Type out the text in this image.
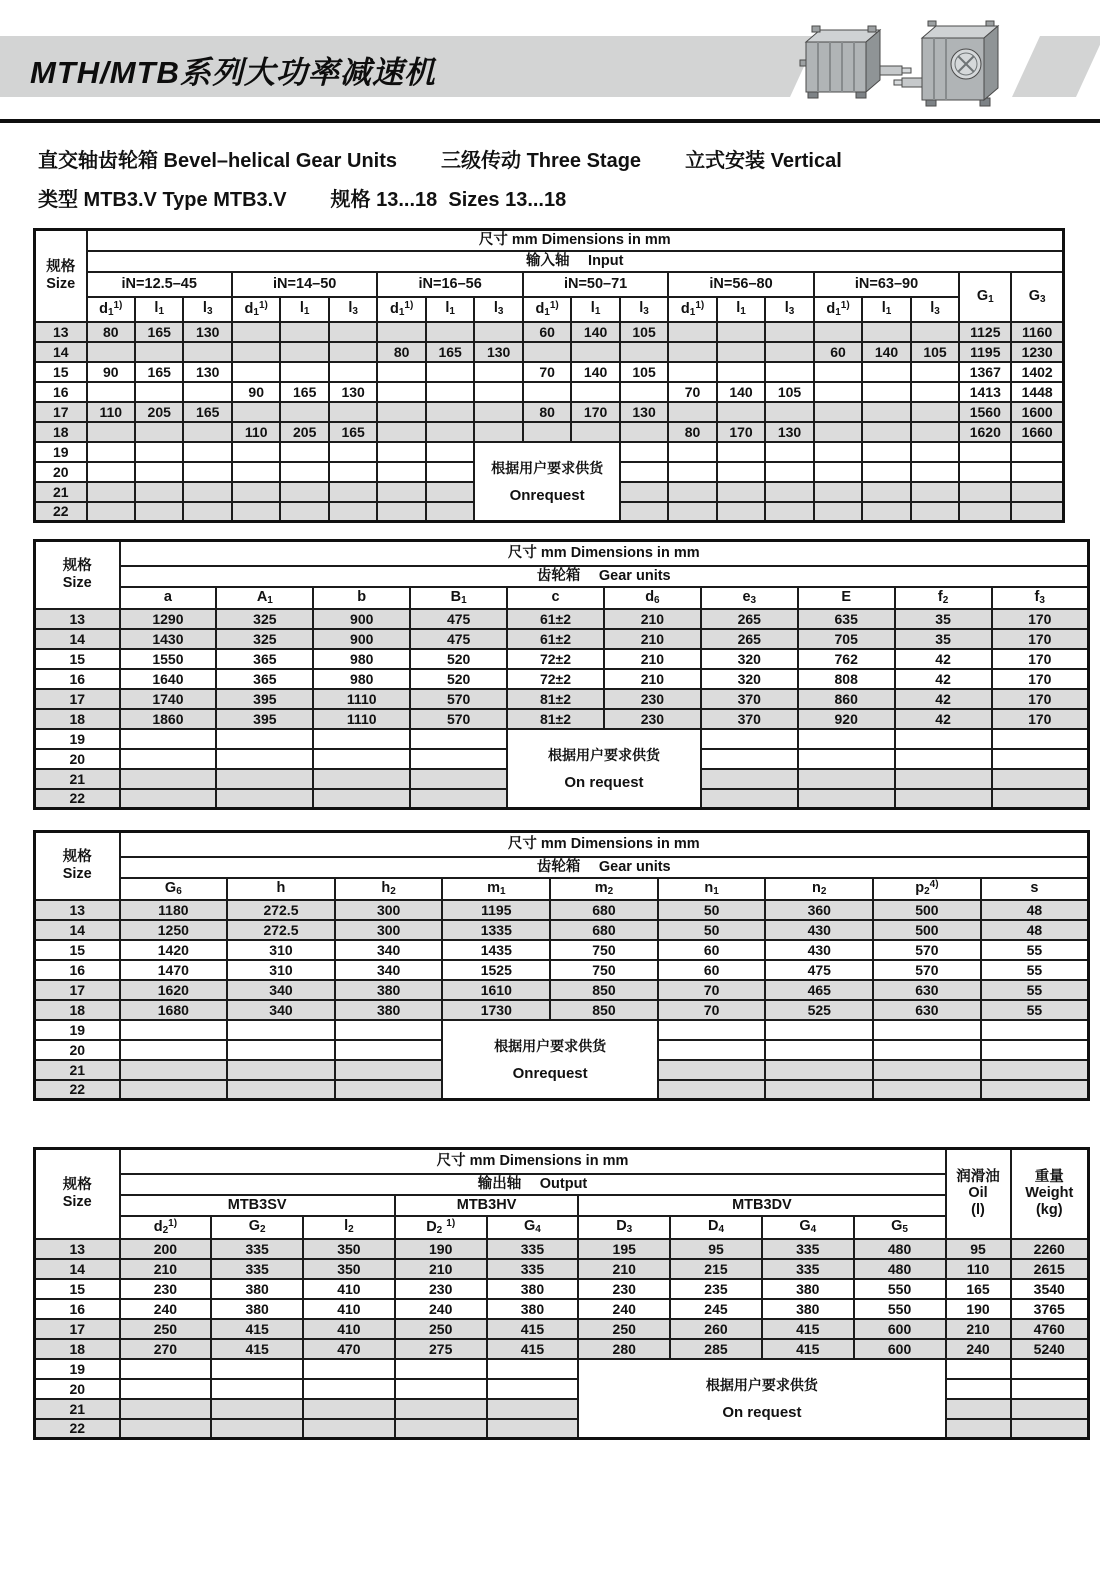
MTH/MTB系列大功率减速机
直交轴齿轮箱 Bevel–helical Gear Units 三级传动 Three Stage 立式安装 Vertical
类型 MTB3.V Type MTB3.V 规格 13...18  Sizes 13...18
规格
Size	尺寸 mm Dimensions in mm																			
	输入轴　 Input																			
	iN=12.5–45			iN=14–50			iN=16–56			iN=50–71			iN=56–80			iN=63–90			$G_1$	$G_3$
	$d_1^{1)}$	$l_1$	$l_3$	$d_1^{1)}$	$l_1$	$l_3$	$d_1^{1)}$	$l_1$	$l_3$	$d_1^{1)}$	$l_1$	$l_3$	$d_1^{1)}$	$l_1$	$l_3$	$d_1^{1)}$	$l_1$	$l_3$
13	80	165	130							60	140	105							1125	1160
14							80	165	130							60	140	105	1195	1230
15	90	165	130							70	140	105							1367	1402
16				90	165	130							70	140	105				1413	1448
17	110	205	165							80	170	130							1560	1600
18				110	205	165							80	170	130				1620	1660
19									根据用户要求供货
Onrequest											

20																				
21																				
22																				
规格
Size	尺寸 mm Dimensions in mm									
	齿轮箱　 Gear units									
	a	$A_1$	b	$B_1$	c	$d_6$	$e_3$	E	$f_2$	$f_3$
13	1290	325	900	475	61±2	210	265	635	35	170
14	1430	325	900	475	61±2	210	265	705	35	170
15	1550	365	980	520	72±2	210	320	762	42	170
16	1640	365	980	520	72±2	210	320	808	42	170
17	1740	395	1110	570	81±2	230	370	860	42	170
18	1860	395	1110	570	81±2	230	370	920	42	170
19					根据用户要求供货
On request					

20										
21										
22										
规格
Size	尺寸 mm Dimensions in mm								
	齿轮箱　 Gear units								
	$G_6$	h	$h_2$	$m_1$	$m_2$	$n_1$	$n_2$	$p_2^{4)}$	s
13	1180	272.5	300	1195	680	50	360	500	48
14	1250	272.5	300	1335	680	50	430	500	48
15	1420	310	340	1435	750	60	430	570	55
16	1470	310	340	1525	750	60	475	570	55
17	1620	340	380	1610	850	70	465	630	55
18	1680	340	380	1730	850	70	525	630	55
19				根据用户要求供货
Onrequest					

20									
21									
22									
规格
Size	尺寸 mm Dimensions in mm									润滑油
Oil
(l)	重量
Weight
(kg)
	输出轴　 Output										
	MTB3SV			MTB3HV		MTB3DV					
	$d_2^{1)}$	$G_2$	$l_2$	$D_2$ $^{1)}$	$G_4$	$D_3$	$D_4$	$G_4$	$G_5$
13	200	335	350	190	335	195	95	335	480	95	2260
14	210	335	350	210	335	210	215	335	480	110	2615
15	230	380	410	230	380	230	235	380	550	165	3540
16	240	380	410	240	380	240	245	380	550	190	3765
17	250	415	410	250	415	250	260	415	600	210	4760
18	270	415	470	275	415	280	285	415	600	240	5240
19						根据用户要求供货
On request					

20											
21											
22											
